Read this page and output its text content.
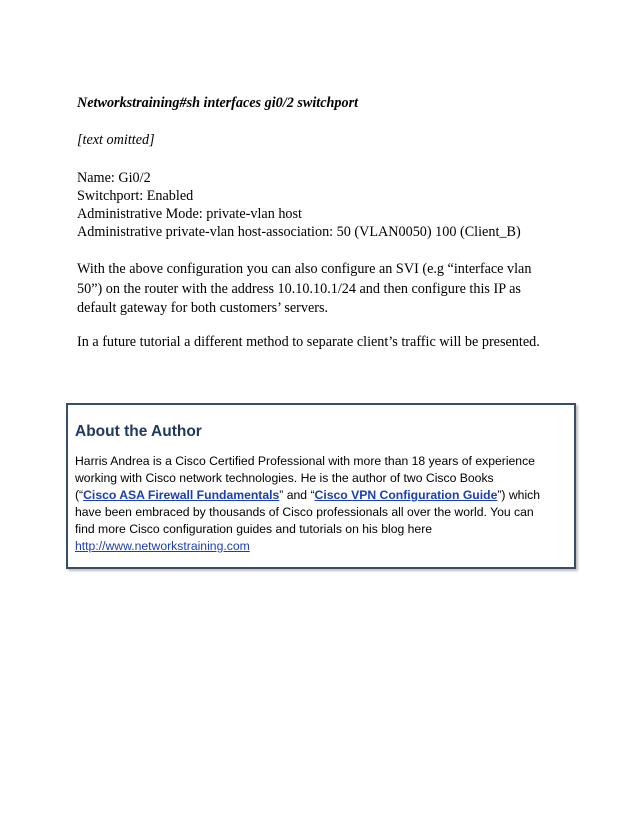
Networkstraining#sh interfaces gi0/2 switchport
[text omitted]
Name: Gi0/2
Switchport: Enabled
Administrative Mode: private-vlan host
Administrative private-vlan host-association: 50 (VLAN0050) 100 (Client_B)
With the above configuration you can also configure an SVI (e.g “interface vlan
50”) on the router with the address 10.10.10.1/24 and then configure this IP as
default gateway for both customers’ servers.
In a future tutorial a different method to separate client’s traffic will be presented.
About the Author
Harris Andrea is a Cisco Certified Professional with more than 18 years of experience
working with Cisco network technologies. He is the author of two Cisco Books
(“Cisco ASA Firewall Fundamentals” and “Cisco VPN Configuration Guide”) which
have been embraced by thousands of Cisco professionals all over the world. You can
find more Cisco configuration guides and tutorials on his blog here
http://www.networkstraining.com
